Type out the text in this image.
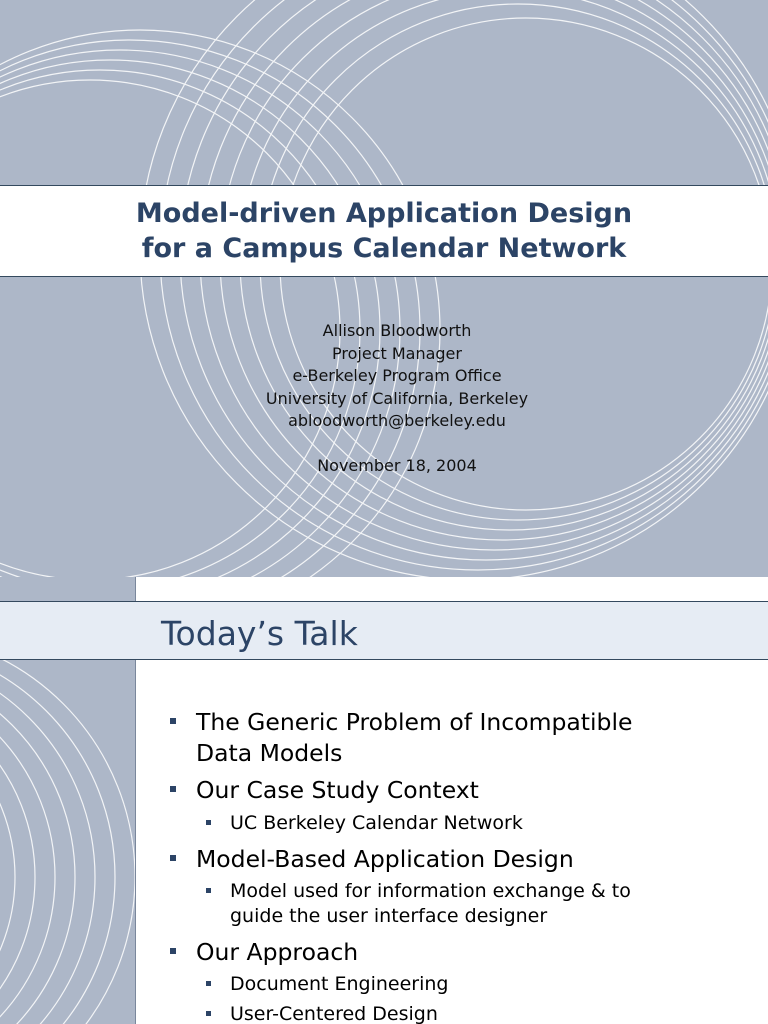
Model-driven Application Design
for a Campus Calendar Network
Allison Bloodworth
Project Manager
e-Berkeley Program Office
University of California, Berkeley
abloodworth@berkeley.edu
November 18, 2004
Today’s Talk
The Generic Problem of Incompatible
Data Models
Our Case Study Context
UC Berkeley Calendar Network
Model-Based Application Design
Model used for information exchange & to
guide the user interface designer
Our Approach
Document Engineering
User-Centered Design
